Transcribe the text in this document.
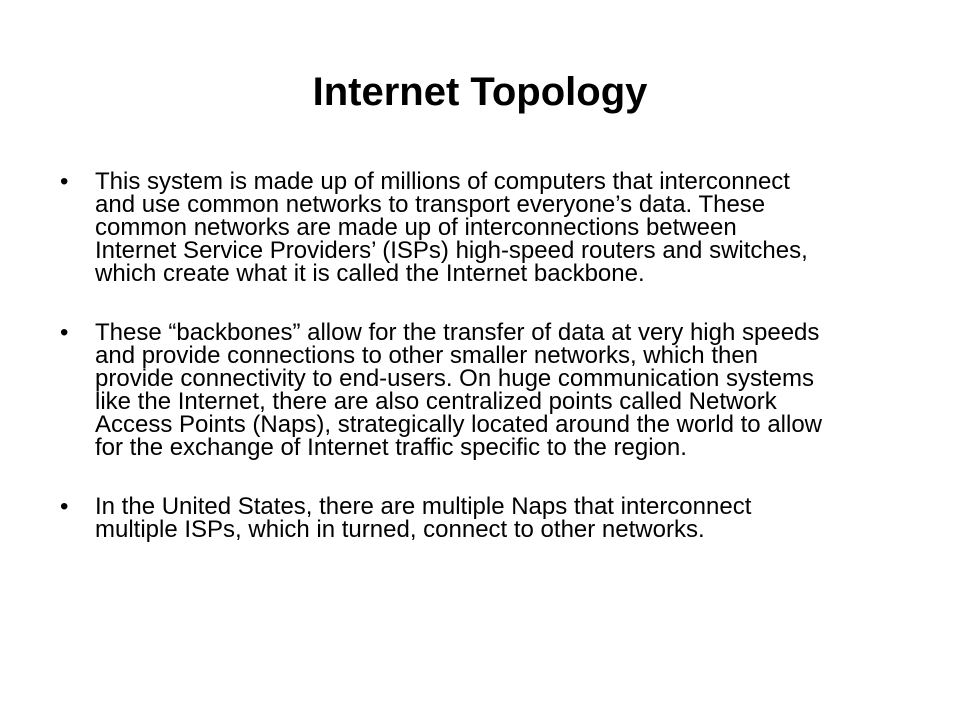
Internet Topology
•	This system is made up of millions of computers that interconnect
and use common networks to transport everyone’s data. These
common networks are made up of interconnections between
Internet Service Providers’ (ISPs) high-speed routers and switches,
which create what it is called the Internet backbone.
•	These “backbones” allow for the transfer of data at very high speeds
and provide connections to other smaller networks, which then
provide connectivity to end-users. On huge communication systems
like the Internet, there are also centralized points called Network
Access Points (Naps), strategically located around the world to allow
for the exchange of Internet traffic specific to the region.
•	In the United States, there are multiple Naps that interconnect
multiple ISPs, which in turned, connect to other networks.
